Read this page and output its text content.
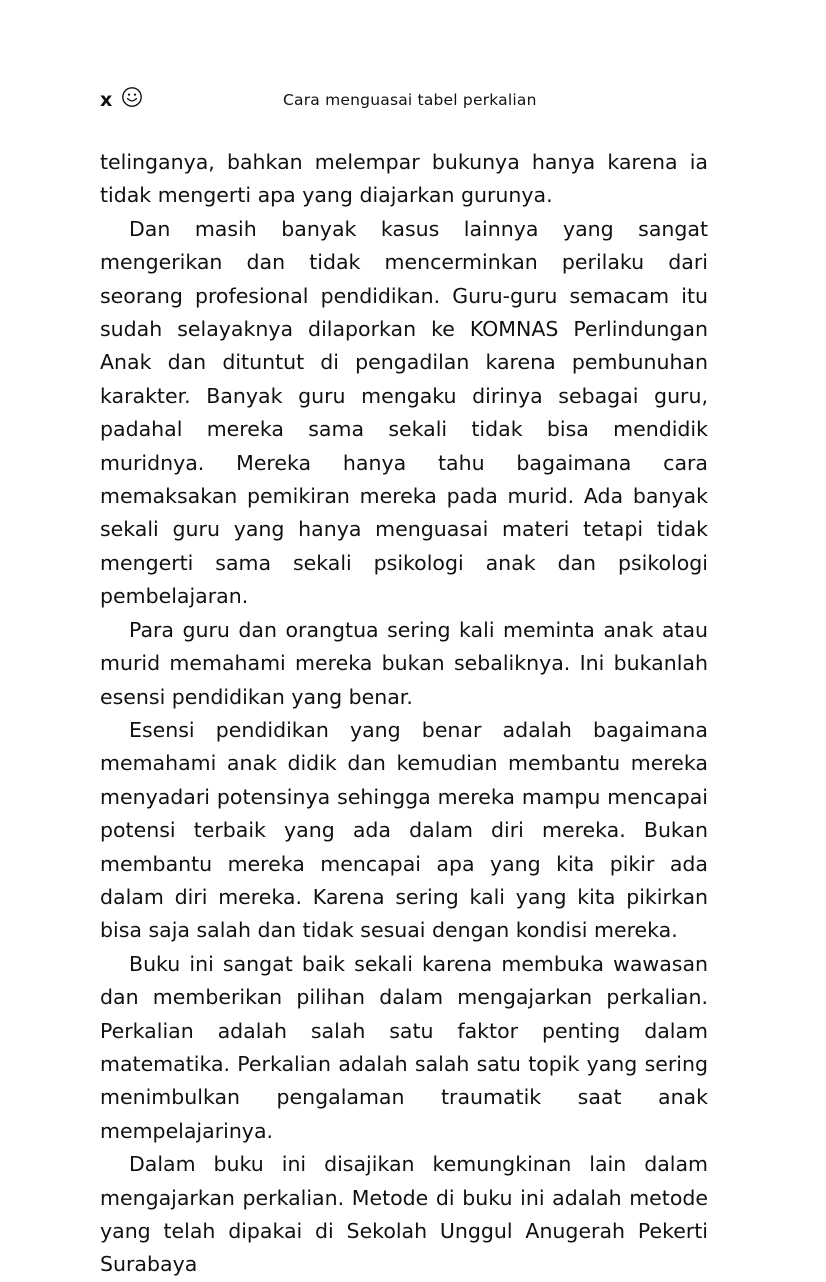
x	Cara menguasai tabel perkalian

telinganya, bahkan melempar bukunya hanya karena ia tidak mengerti apa yang diajarkan gurunya.

Dan masih banyak kasus lainnya yang sangat mengerikan dan tidak mencerminkan perilaku dari seorang profesional pendidikan. Guru-guru semacam itu sudah selayaknya dilaporkan ke KOMNAS Perlindungan Anak dan dituntut di pengadilan karena pembunuhan karakter. Banyak guru mengaku dirinya sebagai guru, padahal mereka sama sekali tidak bisa mendidik muridnya. Mereka hanya tahu bagaimana cara memaksakan pemikiran mereka pada murid. Ada banyak sekali guru yang hanya menguasai materi tetapi tidak mengerti sama sekali psikologi anak dan psikologi pembelajaran.

Para guru dan orangtua sering kali meminta anak atau murid memahami mereka bukan sebaliknya. Ini bukanlah esensi pendidikan yang benar.

Esensi pendidikan yang benar adalah bagaimana memahami anak didik dan kemudian membantu mereka menyadari potensinya sehingga mereka mampu mencapai potensi terbaik yang ada dalam diri mereka. Bukan membantu mereka mencapai apa yang kita pikir ada dalam diri mereka. Karena sering kali yang kita pikirkan bisa saja salah dan tidak sesuai dengan kondisi mereka.

Buku ini sangat baik sekali karena membuka wawasan dan memberikan pilihan dalam mengajarkan perkalian. Perkalian adalah salah satu faktor penting dalam matematika. Perkalian adalah salah satu topik yang sering menimbulkan pengalaman traumatik saat anak mempelajarinya.

Dalam buku ini disajikan kemungkinan lain dalam mengajarkan perkalian. Metode di buku ini adalah metode yang telah dipakai di Sekolah Unggul Anugerah Pekerti Surabaya
